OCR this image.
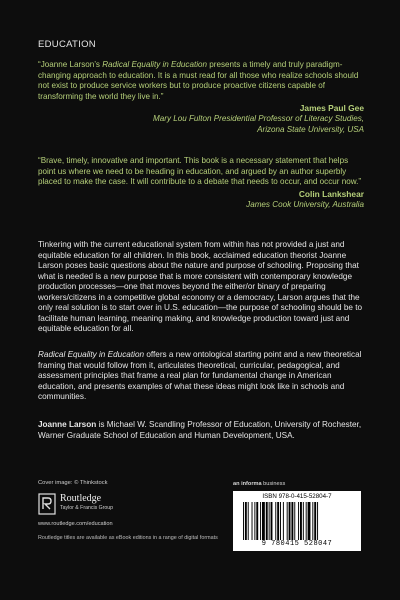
EDUCATION
“Joanne Larson’s Radical Equality in Education presents a timely and truly paradigm-changing approach to education. It is a must read for all those who realize schools should not exist to produce service workers but to produce proactive citizens capable of transforming the world they live in.”
James Paul Gee
Mary Lou Fulton Presidential Professor of Literacy Studies,
Arizona State University, USA
“Brave, timely, innovative and important. This book is a necessary statement that helps point us where we need to be heading in education, and argued by an author superbly placed to make the case. It will contribute to a debate that needs to occur, and occur now.”
Colin Lankshear
James Cook University, Australia
Tinkering with the current educational system from within has not provided a just and equitable education for all children. In this book, acclaimed education theorist Joanne Larson poses basic questions about the nature and purpose of schooling. Proposing that what is needed is a new purpose that is more consistent with contemporary knowledge production processes—one that moves beyond the either/or binary of preparing workers/citizens in a competitive global economy or a democracy, Larson argues that the only real solution is to start over in U.S. education—the purpose of schooling should be to facilitate human learning, meaning making, and knowledge production toward just and equitable education for all.
Radical Equality in Education offers a new ontological starting point and a new theoretical framing that would follow from it, articulates theoretical, curricular, pedagogical, and assessment principles that frame a real plan for fundamental change in American education, and presents examples of what these ideas might look like in schools and communities.
Joanne Larson is Michael W. Scandling Professor of Education, University of Rochester, Warner Graduate School of Education and Human Development, USA.
Cover image: © Thinkstock
Routledge
Taylor & Francis Group
www.routledge.com/education
Routledge titles are available as eBook editions in a range of digital formats
an informa business
ISBN 978-0-415-52804-7
9 780415 528047
